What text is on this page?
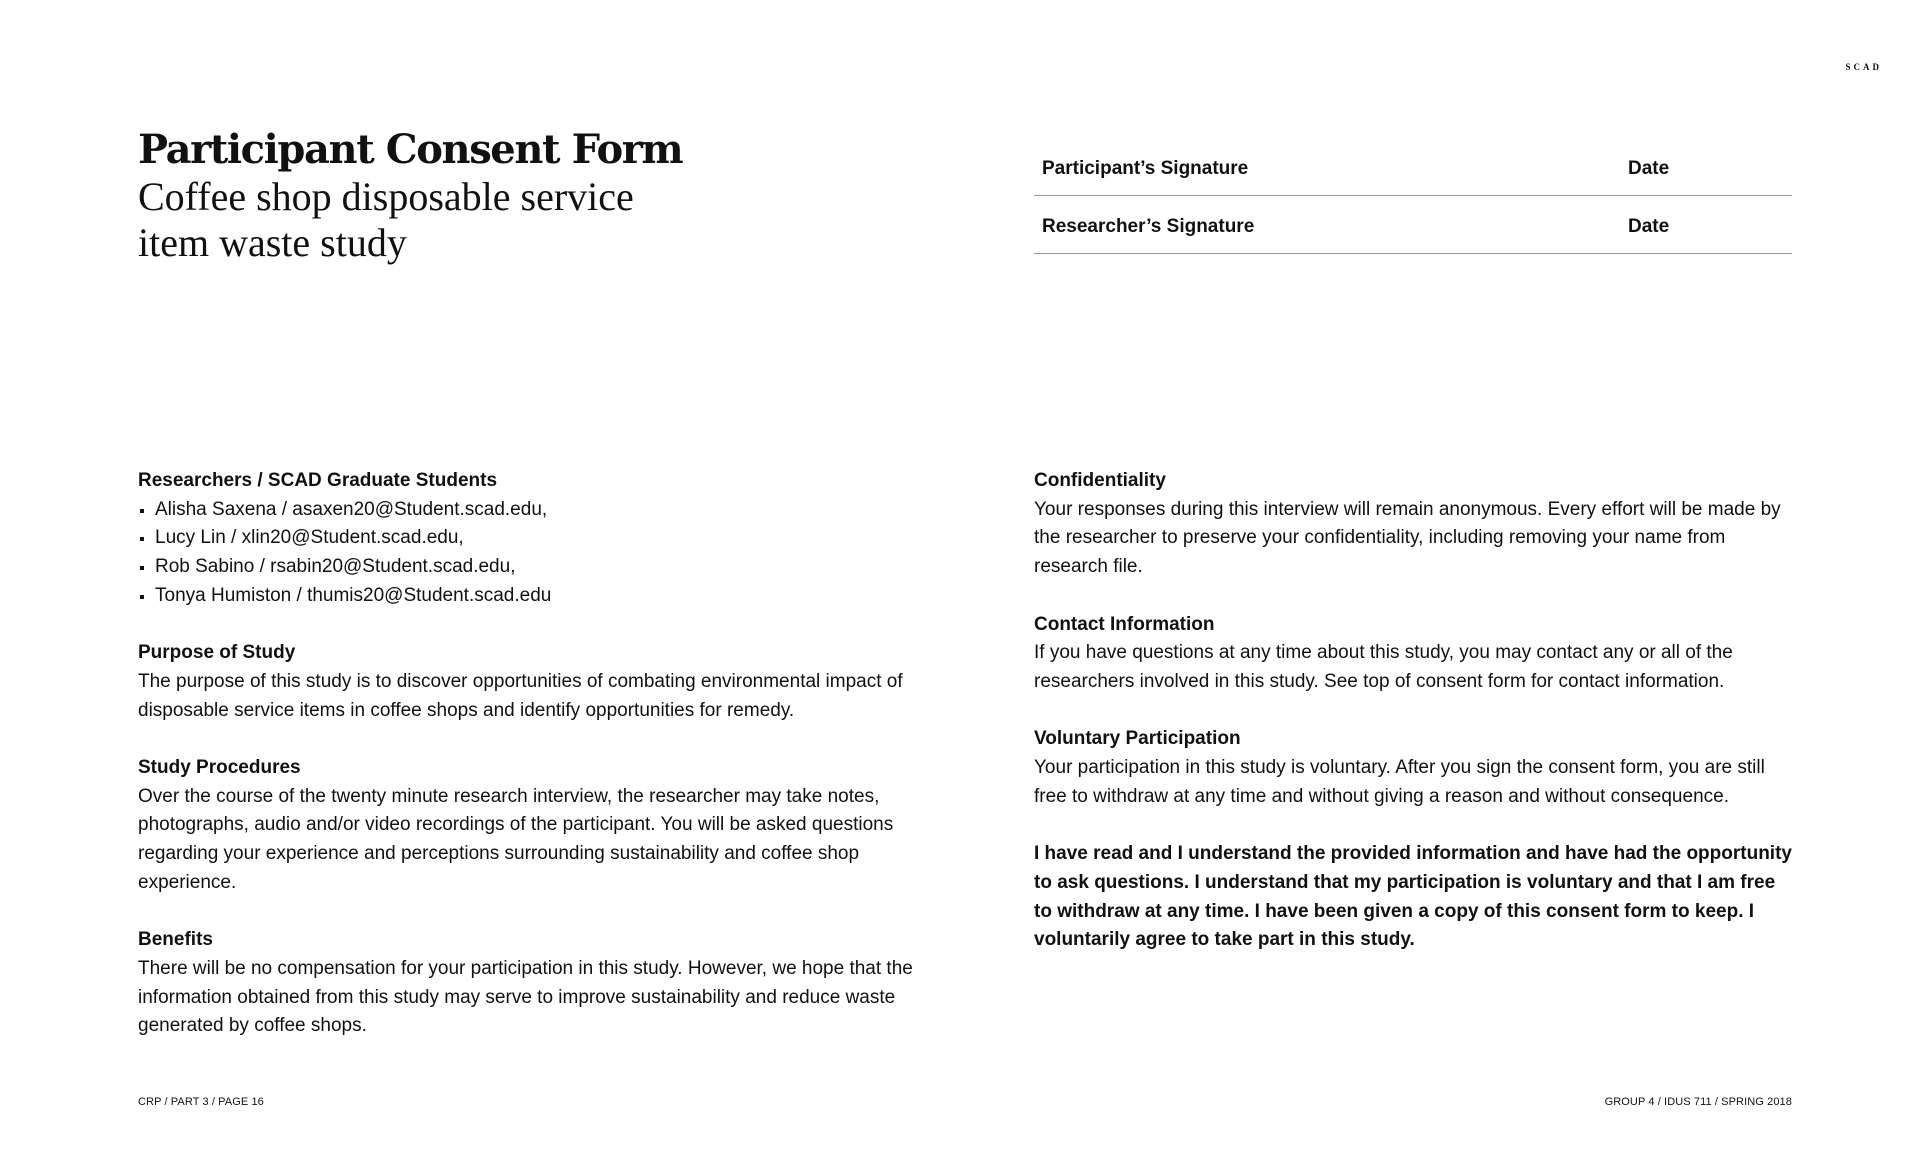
SCAD
Participant Consent Form
Coffee shop disposable service item waste study
Participant’s Signature	Date
Researcher’s Signature	Date

Researchers / SCAD Graduate Students

Alisha Saxena / asaxen20@Student.scad.edu,
Lucy Lin / xlin20@Student.scad.edu,
Rob Sabino / rsabin20@Student.scad.edu,
Tonya Humiston / thumis20@Student.scad.edu

Purpose of Study

The purpose of this study is to discover opportunities of combating environmental impact of disposable service items in coffee shops and identify opportunities for remedy.

Study Procedures

Over the course of the twenty minute research interview, the researcher may take notes, photographs, audio and/or video recordings of the participant. You will be asked questions regarding your experience and perceptions surrounding sustainability and coffee shop experience.

Benefits

There will be no compensation for your participation in this study. However, we hope that the information obtained from this study may serve to improve sustainability and reduce waste generated by coffee shops.

Confidentiality

Your responses during this interview will remain anonymous. Every effort will be made by the researcher to preserve your confidentiality, including removing your name from research file.

Contact Information

If you have questions at any time about this study, you may contact any or all of the researchers involved in this study. See top of consent form for contact information.

Voluntary Participation

Your participation in this study is voluntary. After you sign the consent form, you are still free to withdraw at any time and without giving a reason and without consequence.

I have read and I understand the provided information and have had the opportunity to ask questions. I understand that my participation is voluntary and that I am free to withdraw at any time. I have been given a copy of this consent form to keep. I voluntarily agree to take part in this study.

CRP / PART 3 / PAGE 16	GROUP 4 / IDUS 711 / SPRING 2018
